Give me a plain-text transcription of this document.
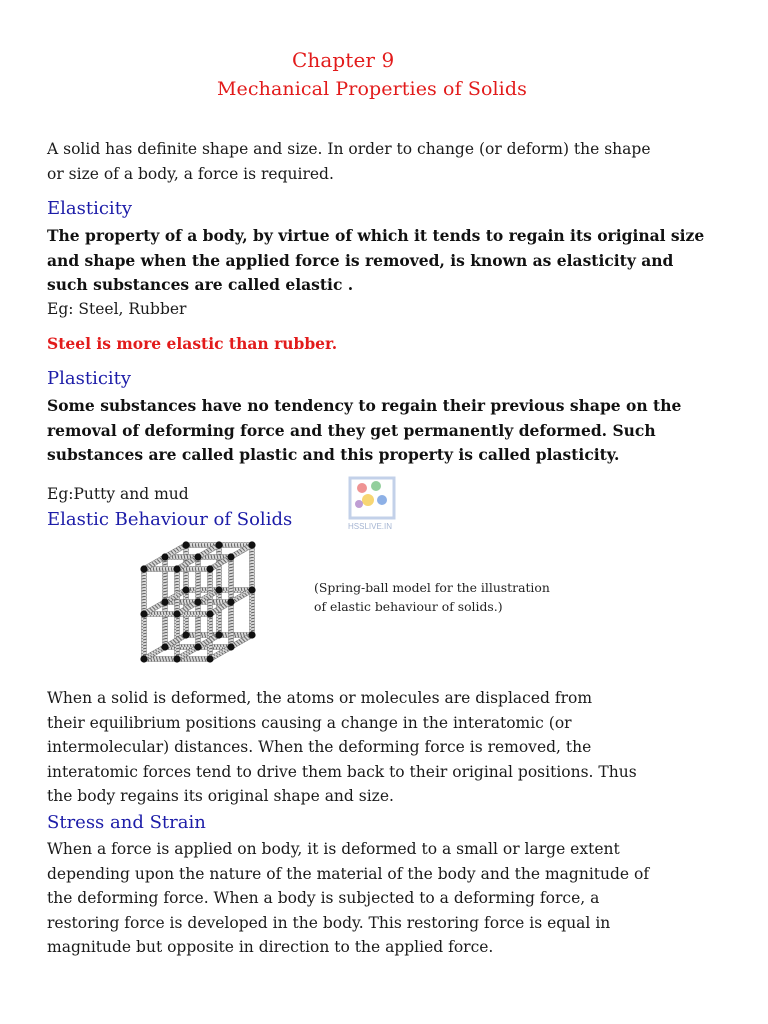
Chapter 9
Mechanical Properties of Solids
A solid has definite shape and size. In order to change (or deform) the shape
or size of a body, a force is required.
Elasticity
The property of a body, by virtue of which it tends to regain its original size
and shape when the applied force is removed, is known as elasticity and
such substances are called elastic .
Eg: Steel, Rubber
Steel is more elastic than rubber.
Plasticity
Some substances have no tendency to regain their previous shape on the
removal of deforming force and they get permanently deformed. Such
substances are called plastic and this property is called plasticity.
Eg:Putty and mud
HSSLIVE.IN
Elastic Behaviour of Solids
(Spring-ball model for the illustration
of elastic behaviour of solids.)
When a solid is deformed, the atoms or molecules are displaced from
their equilibrium positions causing a change in the interatomic (or
intermolecular) distances. When the deforming force is removed, the
interatomic forces tend to drive them back to their original positions. Thus
the body regains its original shape and size.
Stress and Strain
When a force is applied on body, it is deformed to a small or large extent
depending upon the nature of the material of the body and the magnitude of
the deforming force. When a body is subjected to a deforming force, a
restoring force is developed in the body. This restoring force is equal in
magnitude but opposite in direction to the applied force.
